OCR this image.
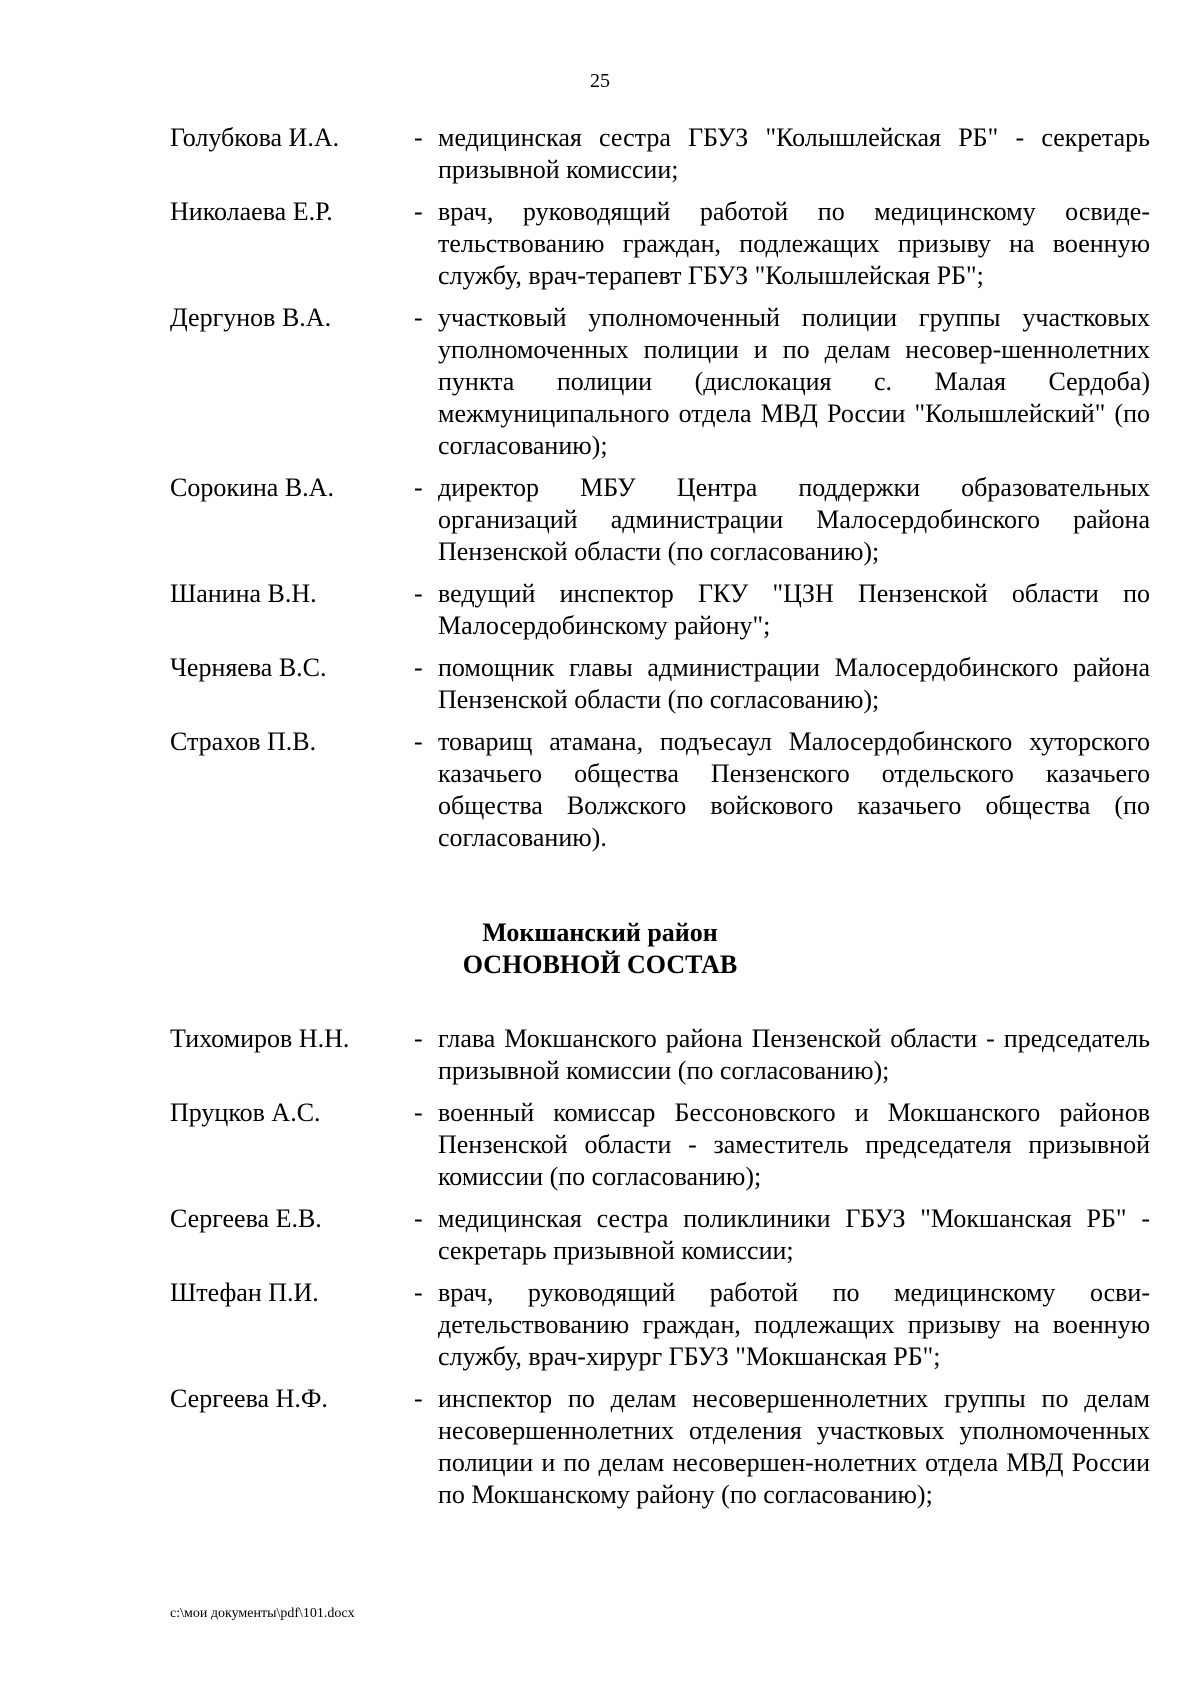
25
Голубкова И.А.	- медицинская сестра ГБУЗ "Колышлейская РБ" - секретарь призывной комиссии;
Николаева Е.Р.	- врач, руководящий работой по медицинскому освиде-тельствованию граждан, подлежащих призыву на военную службу, врач-терапевт ГБУЗ "Колышлейская РБ";
Дергунов В.А.	- участковый уполномоченный полиции группы участковых уполномоченных полиции и по делам несовер-шеннолетних пункта полиции (дислокация с. Малая Сердоба) межмуниципального отдела МВД России "Колышлейский" (по согласованию);
Сорокина В.А.	- директор МБУ Центра поддержки образовательных организаций администрации Малосердобинского района Пензенской области (по согласованию);
Шанина В.Н.	- ведущий инспектор ГКУ "ЦЗН Пензенской области по Малосердобинскому району";
Черняева В.С.	- помощник главы администрации Малосердобинского района Пензенской области (по согласованию);
Страхов П.В.	- товарищ атамана, подъесаул Малосердобинского хуторского казачьего общества Пензенского отдельского казачьего общества Волжского войскового казачьего общества (по согласованию).
Мокшанский район
ОСНОВНОЙ СОСТАВ
Тихомиров Н.Н. - глава Мокшанского района Пензенской области - председатель призывной комиссии (по согласованию);
Пруцков А.С.	- военный комиссар Бессоновского и Мокшанского районов Пензенской области - заместитель председателя призывной комиссии (по согласованию);
Сергеева Е.В.	- медицинская сестра поликлиники ГБУЗ "Мокшанская РБ" - секретарь призывной комиссии;
Штефан П.И.	- врач, руководящий работой по медицинскому осви-детельствованию граждан, подлежащих призыву на военную службу, врач-хирург ГБУЗ "Мокшанская РБ";
Сергеева Н.Ф.	- инспектор по делам несовершеннолетних группы по делам несовершеннолетних отделения участковых уполномоченных полиции и по делам несовершен-нолетних отдела МВД России по Мокшанскому району (по согласованию);
c:\мои документы\pdf\101.docx
